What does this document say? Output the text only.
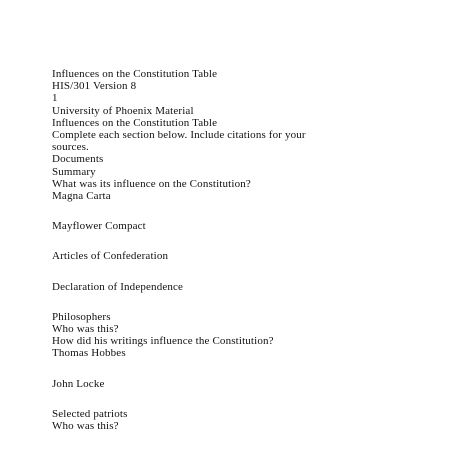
Influences on the Constitution Table
HIS/301 Version 8
1
University of Phoenix Material
Influences on the Constitution Table
Complete each section below. Include citations for your sources.
Documents
Summary
What was its influence on the Constitution?
Magna Carta
Mayflower Compact
Articles of Confederation
Declaration of Independence
Philosophers
Who was this?
How did his writings influence the Constitution?
Thomas Hobbes
John Locke
Selected patriots
Who was this?
